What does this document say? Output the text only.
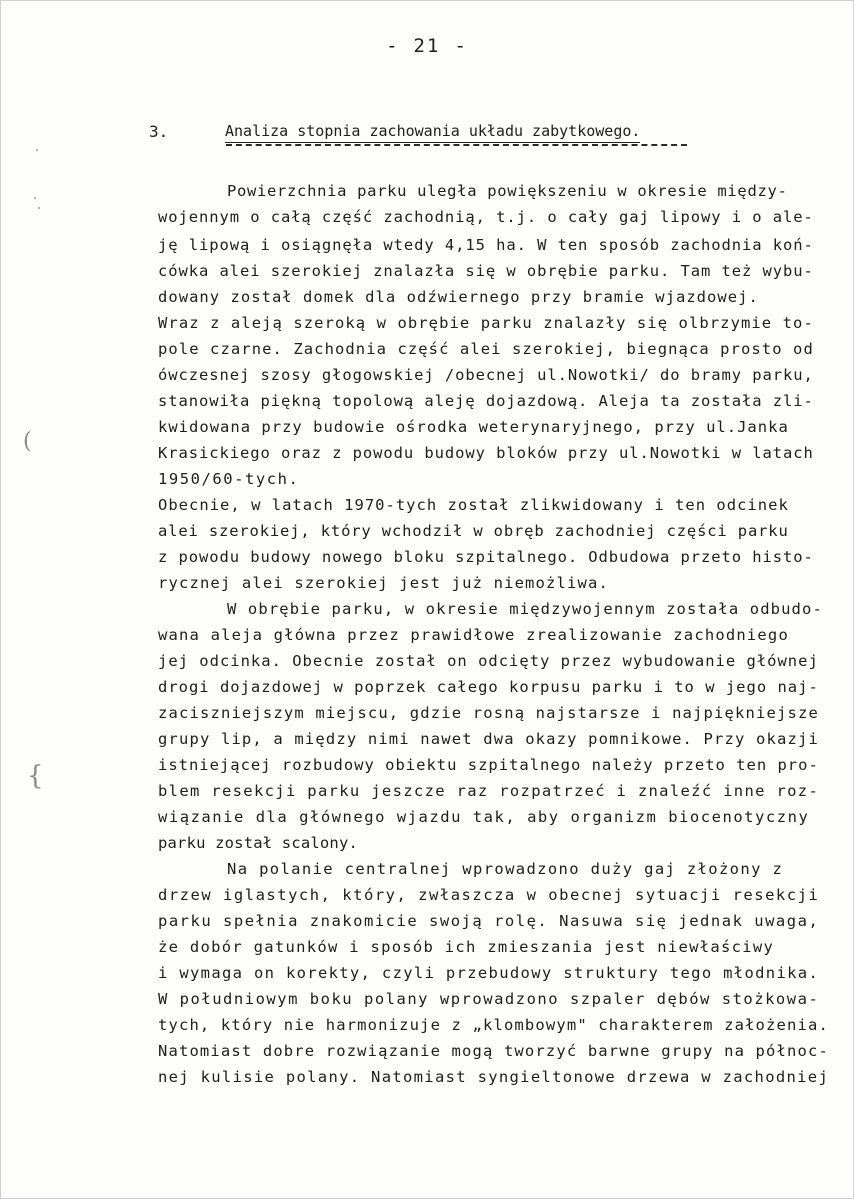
- 21 -
3.	Analiza stopnia zachowania układu zabytkowego.
Powierzchnia parku uległa powiększeniu w okresie między-
wojennym o całą część zachodnią, t.j. o cały gaj lipowy i o ale-
ję lipową i osiągnęła wtedy 4,15 ha. W ten sposób zachodnia koń-
cówka alei szerokiej znalazła się w obrębie parku. Tam też wybu-
dowany został domek dla odźwiernego przy bramie wjazdowej.
Wraz z aleją szeroką w obrębie parku znalazły się olbrzymie to-
pole czarne. Zachodnia część alei szerokiej, biegnąca prosto od
ówczesnej szosy głogowskiej /obecnej ul.Nowotki/ do bramy parku,
stanowiła piękną topolową aleję dojazdową. Aleja ta została zli-
kwidowana przy budowie ośrodka weterynaryjnego, przy ul.Janka
Krasickiego oraz z powodu budowy bloków przy ul.Nowotki w latach
1950/60-tych.
Obecnie, w latach 1970-tych został zlikwidowany i ten odcinek
alei szerokiej, który wchodził w obręb zachodniej części parku
z powodu budowy nowego bloku szpitalnego. Odbudowa przeto histo-
rycznej alei szerokiej jest już niemożliwa.
W obrębie parku, w okresie międzywojennym została odbudo-
wana aleja główna przez prawidłowe zrealizowanie zachodniego
jej odcinka. Obecnie został on odcięty przez wybudowanie głównej
drogi dojazdowej w poprzek całego korpusu parku i to w jego naj-
zaciszniejszym miejscu, gdzie rosną najstarsze i najpiękniejsze
grupy lip, a między nimi nawet dwa okazy pomnikowe. Przy okazji
istniejącej rozbudowy obiektu szpitalnego należy przeto ten pro-
blem resekcji parku jeszcze raz rozpatrzeć i znaleźć inne roz-
wiązanie dla głównego wjazdu tak, aby organizm biocenotyczny
parku został scalony.
Na polanie centralnej wprowadzono duży gaj złożony z
drzew iglastych, który, zwłaszcza w obecnej sytuacji resekcji
parku spełnia znakomicie swoją rolę. Nasuwa się jednak uwaga,
że dobór gatunków i sposób ich zmieszania jest niewłaściwy
i wymaga on korekty, czyli przebudowy struktury tego młodnika.
W południowym boku polany wprowadzono szpaler dębów stożkowa-
tych, który nie harmonizuje z „klombowym" charakterem założenia.
Natomiast dobre rozwiązanie mogą tworzyć barwne grupy na północ-
nej kulisie polany. Natomiast syngieltonowe drzewa w zachodniej
(
{
